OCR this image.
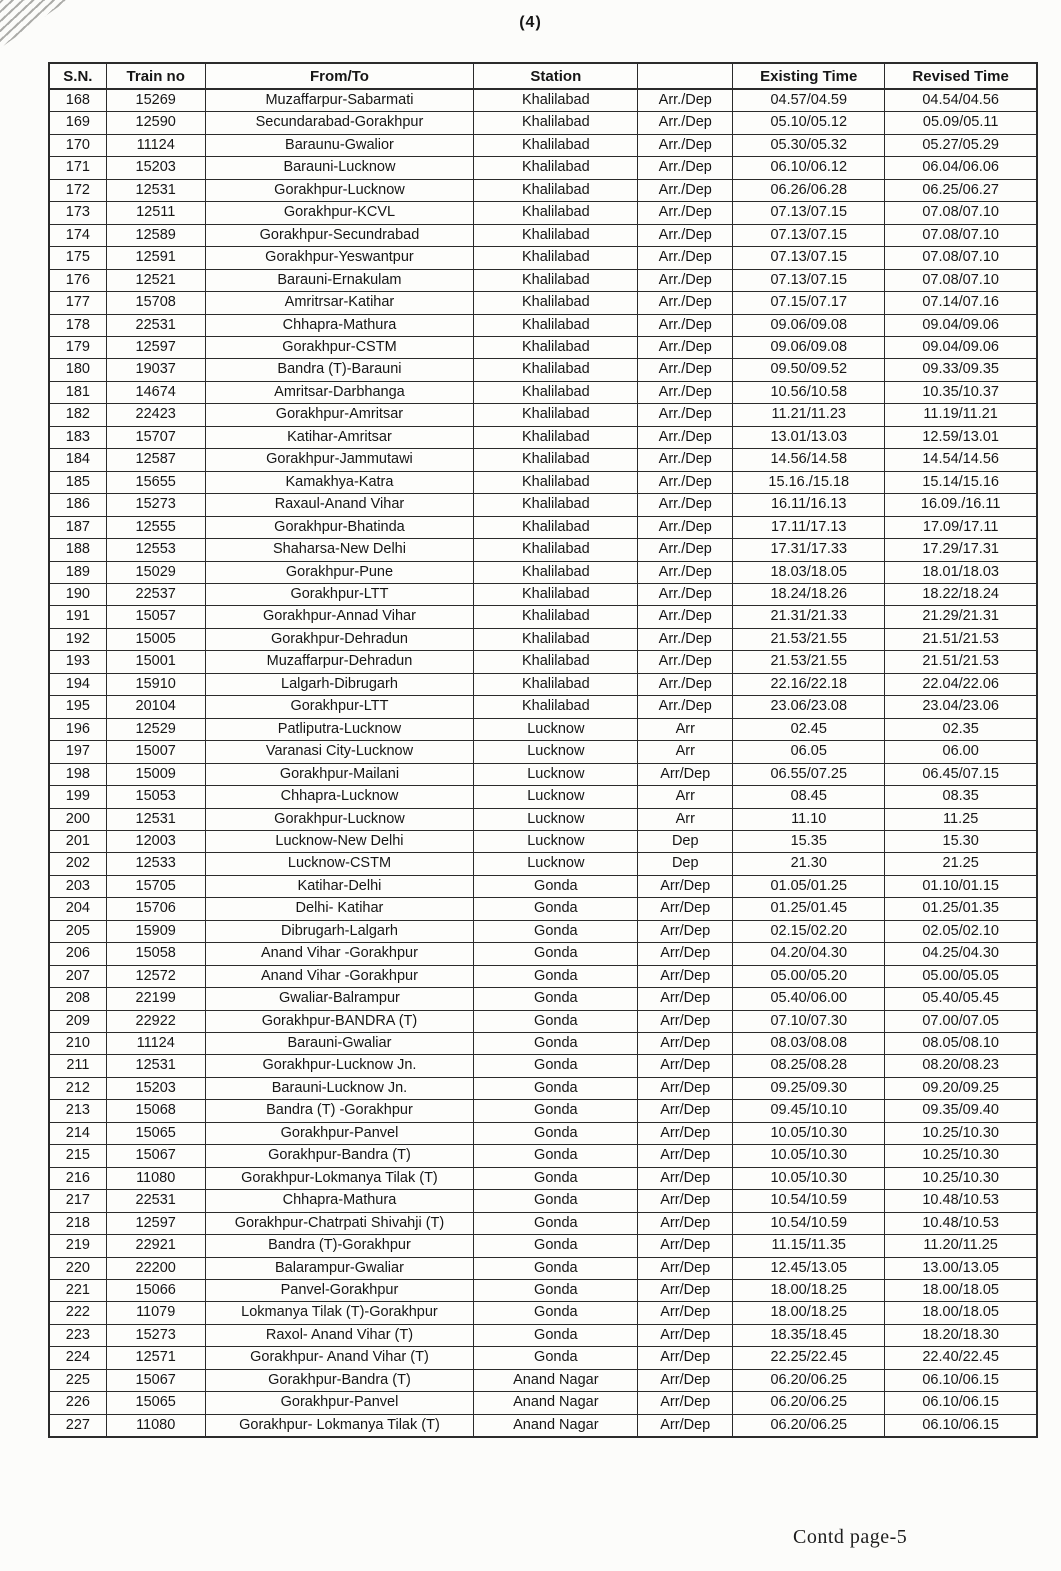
(4)
S.N.	Train no	From/To	Station		Existing Time	Revised Time
168	15269	Muzaffarpur-Sabarmati	Khalilabad	Arr./Dep	04.57/04.59	04.54/04.56
169	12590	Secundarabad-Gorakhpur	Khalilabad	Arr./Dep	05.10/05.12	05.09/05.11
170	11124	Baraunu-Gwalior	Khalilabad	Arr./Dep	05.30/05.32	05.27/05.29
171	15203	Barauni-Lucknow	Khalilabad	Arr./Dep	06.10/06.12	06.04/06.06
172	12531	Gorakhpur-Lucknow	Khalilabad	Arr./Dep	06.26/06.28	06.25/06.27
173	12511	Gorakhpur-KCVL	Khalilabad	Arr./Dep	07.13/07.15	07.08/07.10
174	12589	Gorakhpur-Secundrabad	Khalilabad	Arr./Dep	07.13/07.15	07.08/07.10
175	12591	Gorakhpur-Yeswantpur	Khalilabad	Arr./Dep	07.13/07.15	07.08/07.10
176	12521	Barauni-Ernakulam	Khalilabad	Arr./Dep	07.13/07.15	07.08/07.10
177	15708	Amritrsar-Katihar	Khalilabad	Arr./Dep	07.15/07.17	07.14/07.16
178	22531	Chhapra-Mathura	Khalilabad	Arr./Dep	09.06/09.08	09.04/09.06
179	12597	Gorakhpur-CSTM	Khalilabad	Arr./Dep	09.06/09.08	09.04/09.06
180	19037	Bandra (T)-Barauni	Khalilabad	Arr./Dep	09.50/09.52	09.33/09.35
181	14674	Amritsar-Darbhanga	Khalilabad	Arr./Dep	10.56/10.58	10.35/10.37
182	22423	Gorakhpur-Amritsar	Khalilabad	Arr./Dep	11.21/11.23	11.19/11.21
183	15707	Katihar-Amritsar	Khalilabad	Arr./Dep	13.01/13.03	12.59/13.01
184	12587	Gorakhpur-Jammutawi	Khalilabad	Arr./Dep	14.56/14.58	14.54/14.56
185	15655	Kamakhya-Katra	Khalilabad	Arr./Dep	15.16./15.18	15.14/15.16
186	15273	Raxaul-Anand Vihar	Khalilabad	Arr./Dep	16.11/16.13	16.09./16.11
187	12555	Gorakhpur-Bhatinda	Khalilabad	Arr./Dep	17.11/17.13	17.09/17.11
188	12553	Shaharsa-New Delhi	Khalilabad	Arr./Dep	17.31/17.33	17.29/17.31
189	15029	Gorakhpur-Pune	Khalilabad	Arr./Dep	18.03/18.05	18.01/18.03
190	22537	Gorakhpur-LTT	Khalilabad	Arr./Dep	18.24/18.26	18.22/18.24
191	15057	Gorakhpur-Annad Vihar	Khalilabad	Arr./Dep	21.31/21.33	21.29/21.31
192	15005	Gorakhpur-Dehradun	Khalilabad	Arr./Dep	21.53/21.55	21.51/21.53
193	15001	Muzaffarpur-Dehradun	Khalilabad	Arr./Dep	21.53/21.55	21.51/21.53
194	15910	Lalgarh-Dibrugarh	Khalilabad	Arr./Dep	22.16/22.18	22.04/22.06
195	20104	Gorakhpur-LTT	Khalilabad	Arr./Dep	23.06/23.08	23.04/23.06
196	12529	Patliputra-Lucknow	Lucknow	Arr	02.45	02.35
197	15007	Varanasi City-Lucknow	Lucknow	Arr	06.05	06.00
198	15009	Gorakhpur-Mailani	Lucknow	Arr/Dep	06.55/07.25	06.45/07.15
199	15053	Chhapra-Lucknow	Lucknow	Arr	08.45	08.35
200	12531	Gorakhpur-Lucknow	Lucknow	Arr	11.10	11.25
201	12003	Lucknow-New Delhi	Lucknow	Dep	15.35	15.30
202	12533	Lucknow-CSTM	Lucknow	Dep	21.30	21.25
203	15705	Katihar-Delhi	Gonda	Arr/Dep	01.05/01.25	01.10/01.15
204	15706	Delhi- Katihar	Gonda	Arr/Dep	01.25/01.45	01.25/01.35
205	15909	Dibrugarh-Lalgarh	Gonda	Arr/Dep	02.15/02.20	02.05/02.10
206	15058	Anand Vihar -Gorakhpur	Gonda	Arr/Dep	04.20/04.30	04.25/04.30
207	12572	Anand Vihar -Gorakhpur	Gonda	Arr/Dep	05.00/05.20	05.00/05.05
208	22199	Gwaliar-Balrampur	Gonda	Arr/Dep	05.40/06.00	05.40/05.45
209	22922	Gorakhpur-BANDRA (T)	Gonda	Arr/Dep	07.10/07.30	07.00/07.05
210	11124	Barauni-Gwaliar	Gonda	Arr/Dep	08.03/08.08	08.05/08.10
211	12531	Gorakhpur-Lucknow Jn.	Gonda	Arr/Dep	08.25/08.28	08.20/08.23
212	15203	Barauni-Lucknow Jn.	Gonda	Arr/Dep	09.25/09.30	09.20/09.25
213	15068	Bandra (T) -Gorakhpur	Gonda	Arr/Dep	09.45/10.10	09.35/09.40
214	15065	Gorakhpur-Panvel	Gonda	Arr/Dep	10.05/10.30	10.25/10.30
215	15067	Gorakhpur-Bandra (T)	Gonda	Arr/Dep	10.05/10.30	10.25/10.30
216	11080	Gorakhpur-Lokmanya Tilak (T)	Gonda	Arr/Dep	10.05/10.30	10.25/10.30
217	22531	Chhapra-Mathura	Gonda	Arr/Dep	10.54/10.59	10.48/10.53
218	12597	Gorakhpur-Chatrpati Shivahji (T)	Gonda	Arr/Dep	10.54/10.59	10.48/10.53
219	22921	Bandra (T)-Gorakhpur	Gonda	Arr/Dep	11.15/11.35	11.20/11.25
220	22200	Balarampur-Gwaliar	Gonda	Arr/Dep	12.45/13.05	13.00/13.05
221	15066	Panvel-Gorakhpur	Gonda	Arr/Dep	18.00/18.25	18.00/18.05
222	11079	Lokmanya Tilak (T)-Gorakhpur	Gonda	Arr/Dep	18.00/18.25	18.00/18.05
223	15273	Raxol- Anand Vihar (T)	Gonda	Arr/Dep	18.35/18.45	18.20/18.30
224	12571	Gorakhpur- Anand Vihar (T)	Gonda	Arr/Dep	22.25/22.45	22.40/22.45
225	15067	Gorakhpur-Bandra (T)	Anand Nagar	Arr/Dep	06.20/06.25	06.10/06.15
226	15065	Gorakhpur-Panvel	Anand Nagar	Arr/Dep	06.20/06.25	06.10/06.15
227	11080	Gorakhpur- Lokmanya Tilak (T)	Anand Nagar	Arr/Dep	06.20/06.25	06.10/06.15
Contd page-5
